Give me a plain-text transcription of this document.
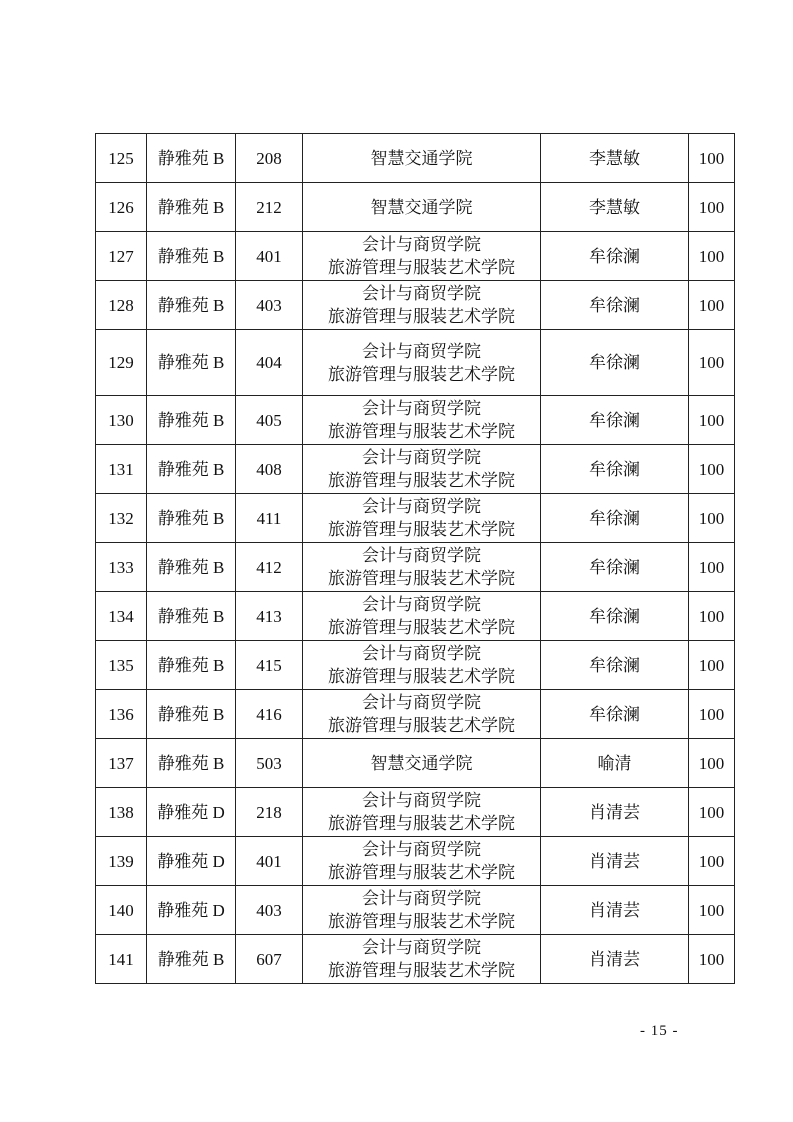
125	静雅苑 B	208	智慧交通学院	李慧敏	100
126	静雅苑 B	212	智慧交通学院	李慧敏	100
127	静雅苑 B	401	会计与商贸学院
旅游管理与服装艺术学院	牟徐澜	100
128	静雅苑 B	403	会计与商贸学院
旅游管理与服装艺术学院	牟徐澜	100
129	静雅苑 B	404	会计与商贸学院
旅游管理与服装艺术学院	牟徐澜	100
130	静雅苑 B	405	会计与商贸学院
旅游管理与服装艺术学院	牟徐澜	100
131	静雅苑 B	408	会计与商贸学院
旅游管理与服装艺术学院	牟徐澜	100
132	静雅苑 B	411	会计与商贸学院
旅游管理与服装艺术学院	牟徐澜	100
133	静雅苑 B	412	会计与商贸学院
旅游管理与服装艺术学院	牟徐澜	100
134	静雅苑 B	413	会计与商贸学院
旅游管理与服装艺术学院	牟徐澜	100
135	静雅苑 B	415	会计与商贸学院
旅游管理与服装艺术学院	牟徐澜	100
136	静雅苑 B	416	会计与商贸学院
旅游管理与服装艺术学院	牟徐澜	100
137	静雅苑 B	503	智慧交通学院	喻清	100
138	静雅苑 D	218	会计与商贸学院
旅游管理与服装艺术学院	肖清芸	100
139	静雅苑 D	401	会计与商贸学院
旅游管理与服装艺术学院	肖清芸	100
140	静雅苑 D	403	会计与商贸学院
旅游管理与服装艺术学院	肖清芸	100
141	静雅苑 B	607	会计与商贸学院
旅游管理与服装艺术学院	肖清芸	100
- 15 -
